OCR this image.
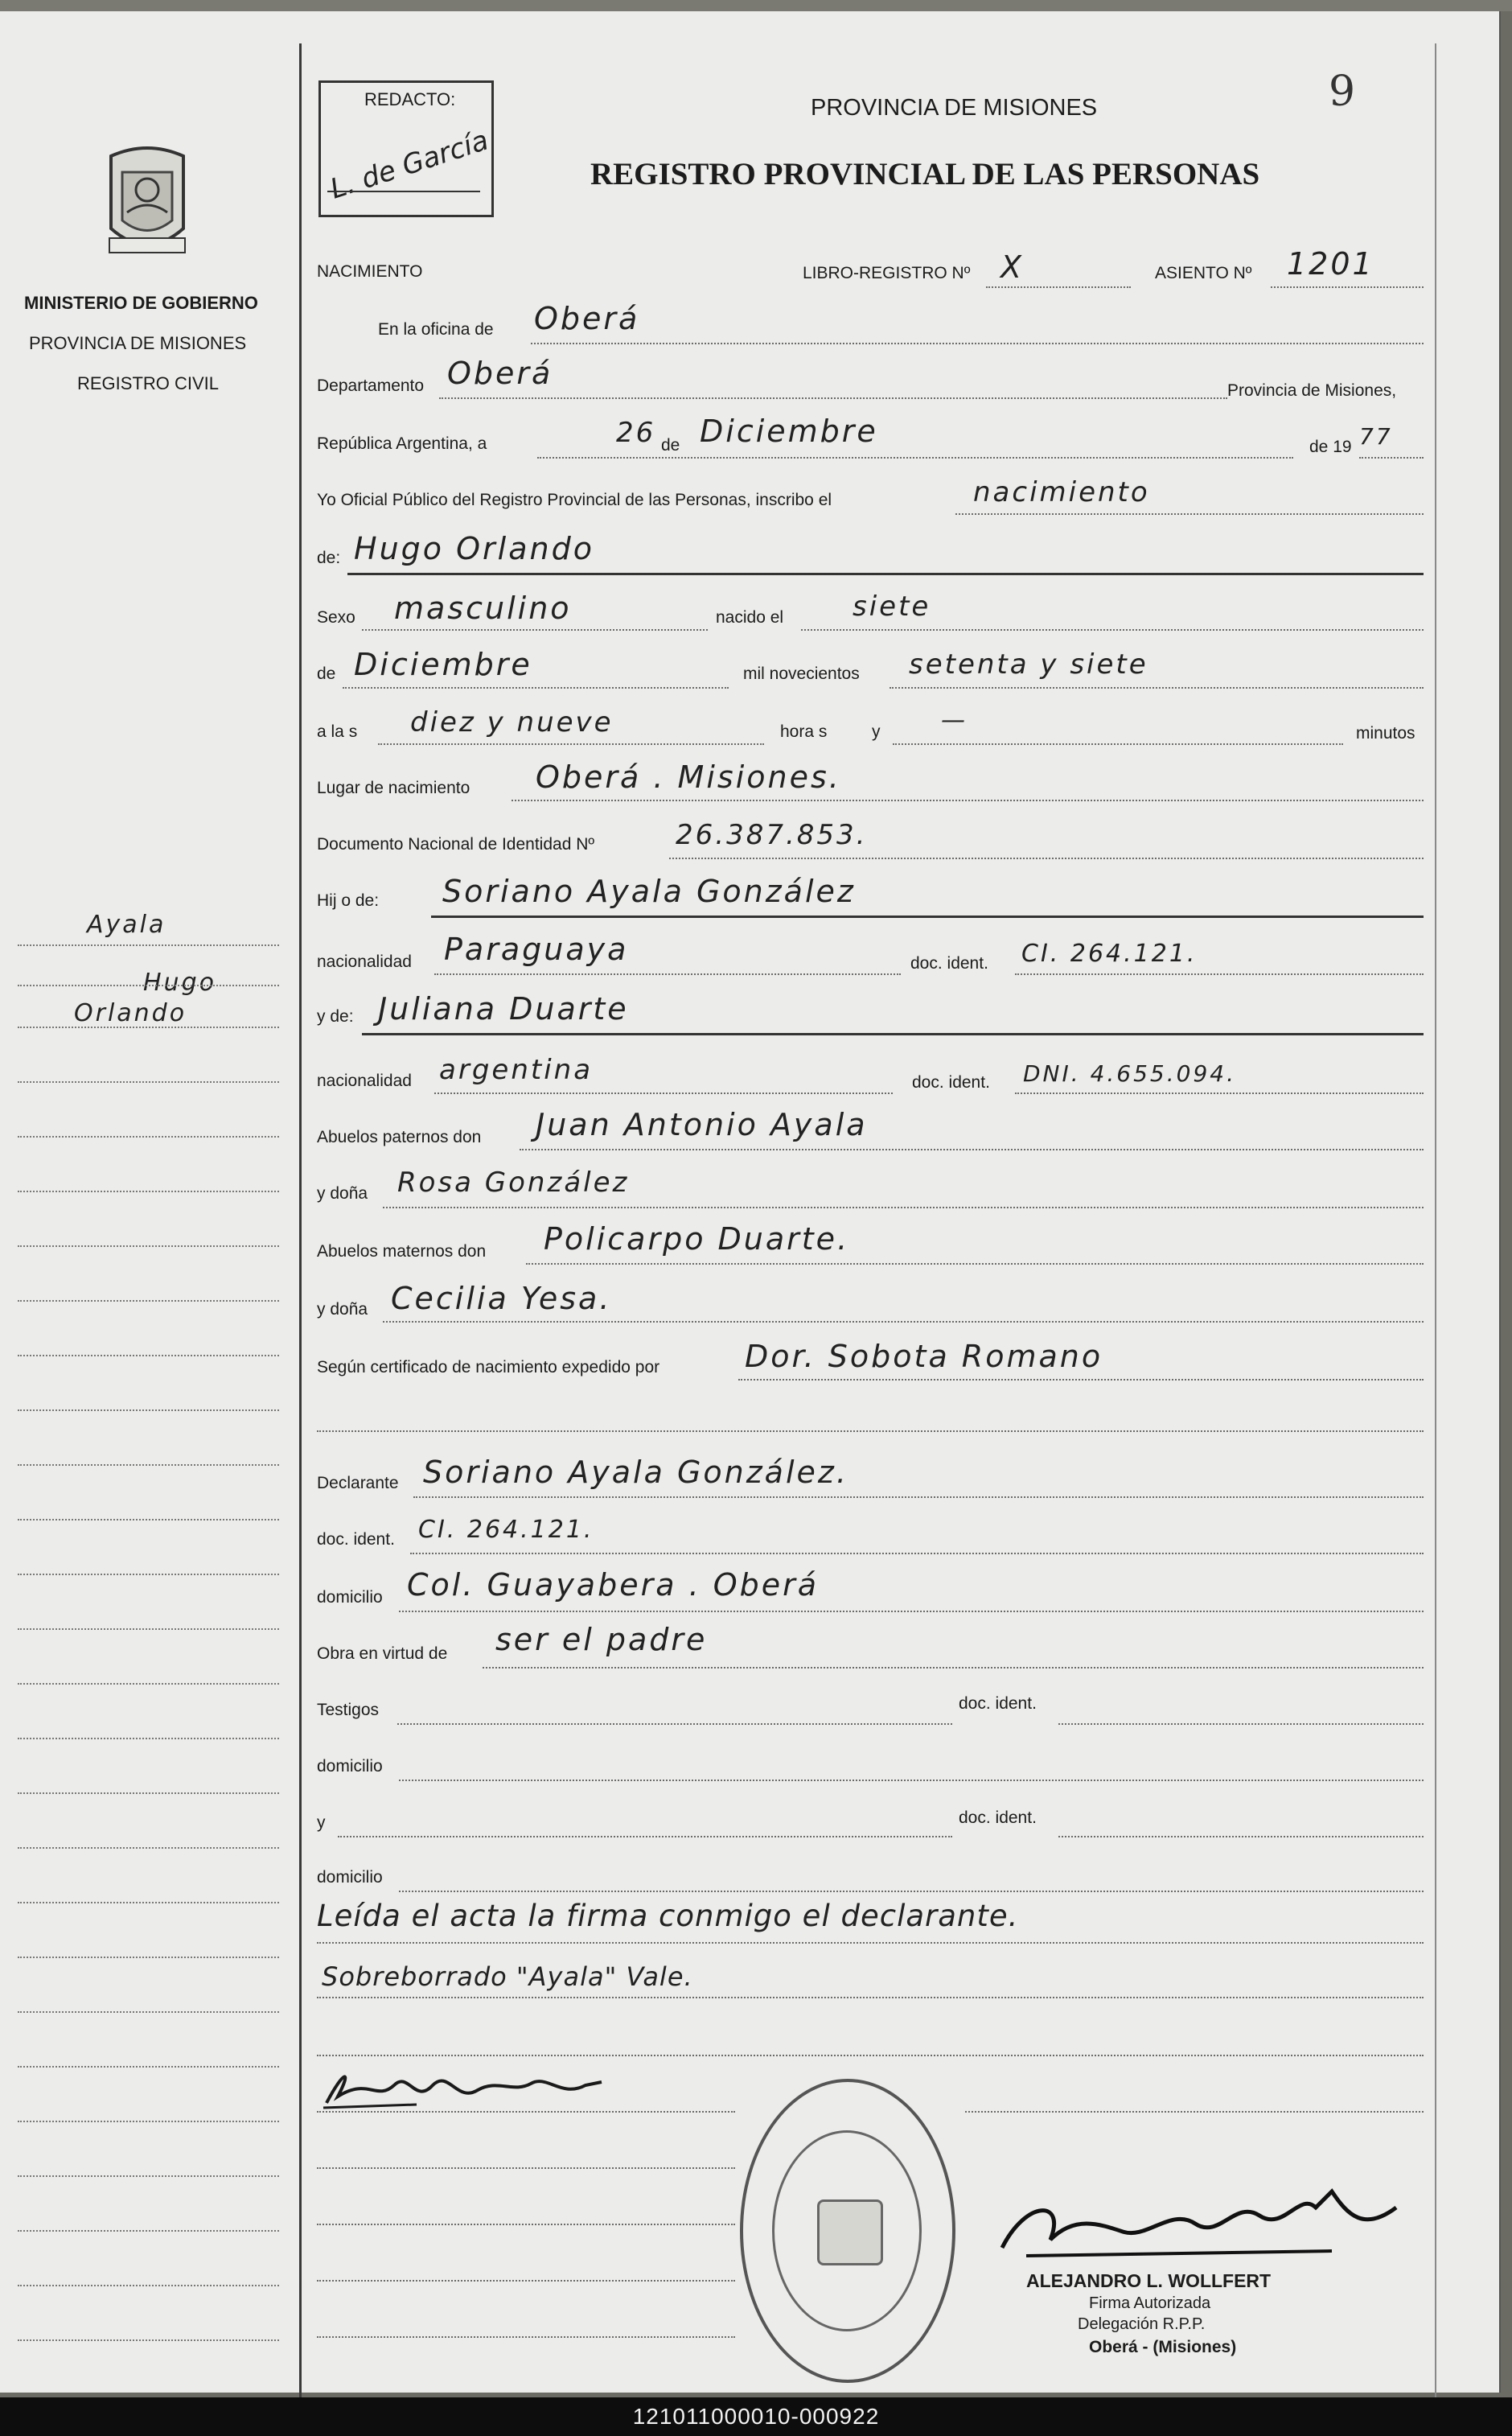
MINISTERIO DE GOBIERNO
PROVINCIA DE MISIONES
REGISTRO CIVIL
REDACTO:
L. de García
9
PROVINCIA DE MISIONES
REGISTRO PROVINCIAL DE LAS PERSONAS
NACIMIENTO	LIBRO-REGISTRO Nº X	ASIENTO Nº 1201
En la oficina de Oberá
Departamento Oberá	Provincia de Misiones,
República Argentina, a	26 de Diciembre	de 19 77
Yo Oficial Público del Registro Provincial de las Personas, inscribo el	nacimiento
de: Hugo Orlando
Sexo masculino	nacido el	siete
de Diciembre	mil novecientos setenta y siete
a la s diez y nueve	hora s	y	—	minutos
Lugar de nacimiento Oberá . Misiones.
Documento Nacional de Identidad Nº	26.387.853.
Hij o de: Soriano Ayala González
nacionalidad Paraguaya	doc. ident. CI. 264.121.
y de: Juliana Duarte
nacionalidad argentina	doc. ident. DNI. 4.655.094.
Abuelos paternos don Juan Antonio Ayala
y doña Rosa González
Abuelos maternos don Policarpo Duarte.
y doña Cecilia Yesa.
Según certificado de nacimiento expedido por	Dor. Sobota Romano
Declarante Soriano Ayala González.
doc. ident. CI. 264.121.
domicilio Col. Guayabera . Oberá
Obra en virtud de ser el padre
Testigos	doc. ident.
domicilio
y	doc. ident.
domicilio
Leída el acta la firma conmigo el declarante.
Sobreborrado "Ayala" Vale.
ALEJANDRO L. WOLLFERT
Firma Autorizada
Delegación R.P.P.
Oberá - (Misiones)
Ayala
Hugo
Orlando
121011000010-000922
